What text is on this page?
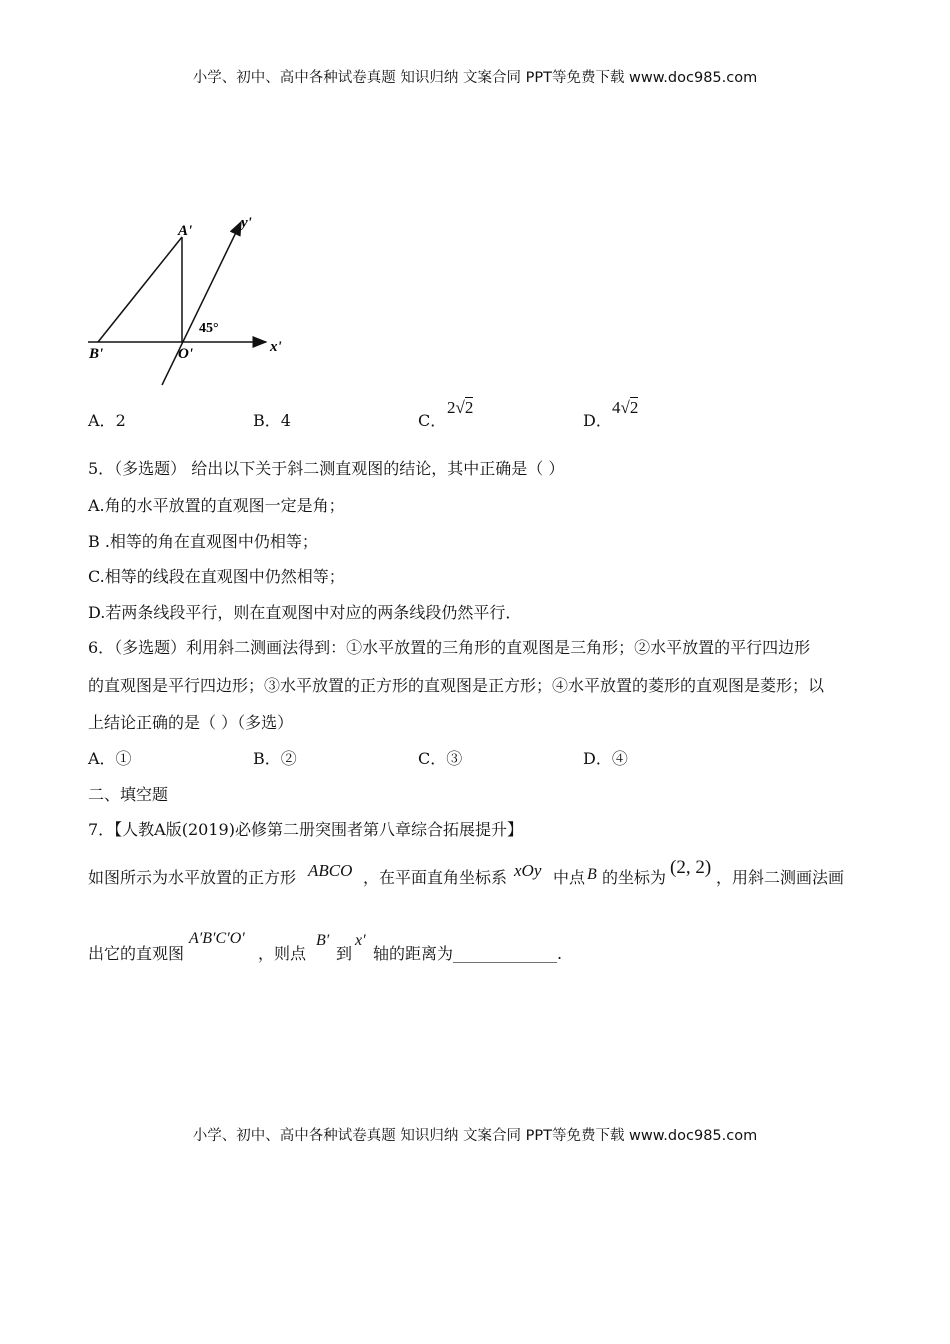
小学、初中、高中各种试卷真题 知识归纳 文案合同 PPT等免费下载 www.doc985.com
A'
B'	O'	x'
y'
45°
A．2	B．4	C．
2√2
D．
4√2
5．（多选题） 给出以下关于斜二测直观图的结论，其中正确是（ ）
A.角的水平放置的直观图一定是角；
B .相等的角在直观图中仍相等；
C.相等的线段在直观图中仍然相等；
D.若两条线段平行，则在直观图中对应的两条线段仍然平行．
6．（多选题）利用斜二测画法得到：①水平放置的三角形的直观图是三角形；②水平放置的平行四边形
的直观图是平行四边形；③水平放置的正方形的直观图是正方形；④水平放置的菱形的直观图是菱形；以
上结论正确的是（ ）（多选）
A．①	B．②	C．③	D．④
二、填空题
7．【人教A版(2019)必修第二册突围者第八章综合拓展提升】
如图所示为水平放置的正方形 ABCO ，在平面直角坐标系 xOy 中点 B 的坐标为 (2, 2) ，用斜二测画法画
出它的直观图
A′B′C′O′
，则点
B′
到
x′
轴的距离为_____________.
小学、初中、高中各种试卷真题 知识归纳 文案合同 PPT等免费下载 www.doc985.com
